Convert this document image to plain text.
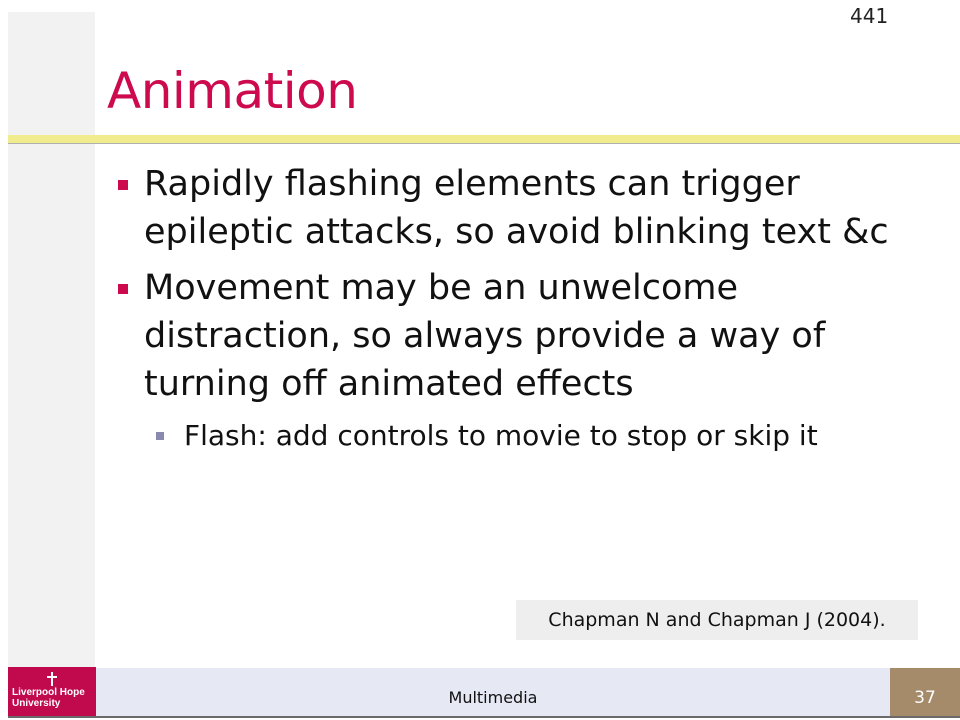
441
Animation
Rapidly flashing elements can trigger epileptic attacks, so avoid blinking text &c
Movement may be an unwelcome distraction, so always provide a way of turning off animated effects
Flash: add controls to movie to stop or skip it
Chapman N and Chapman J (2004).
Liverpool Hope
University	Multimedia	37
